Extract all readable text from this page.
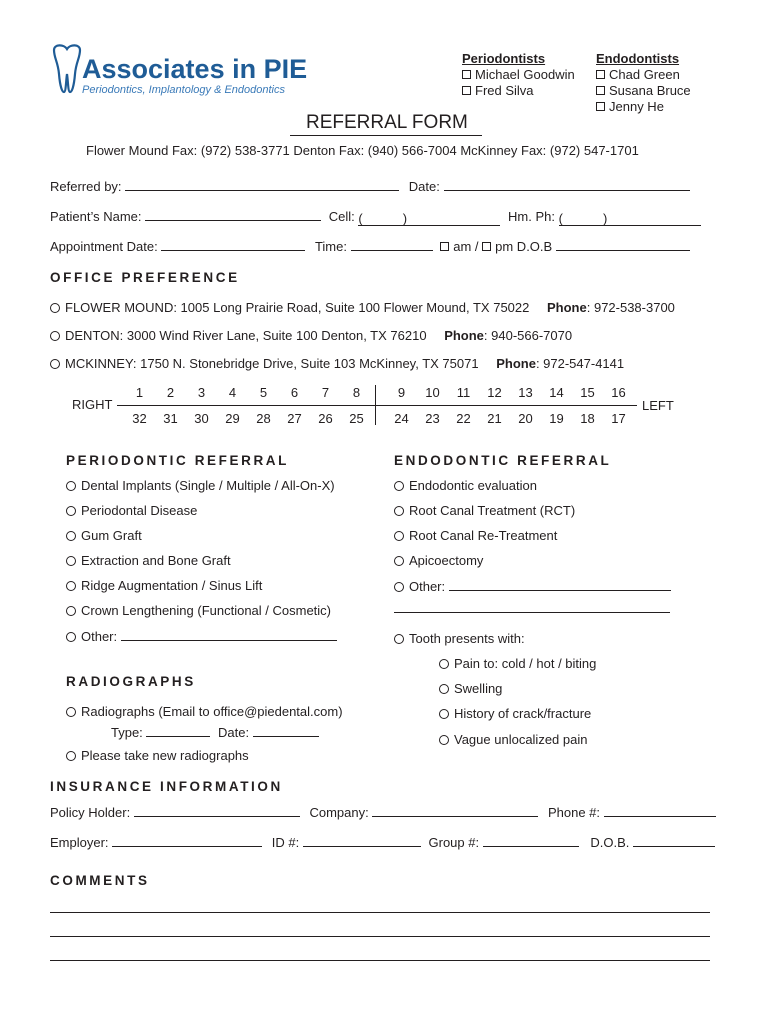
Associates in PIE
Periodontics, Implantology & Endodontics
Periodontists
Michael Goodwin
Fred Silva
Endodontists
Chad Green
Susana Bruce
Jenny He
REFERRAL FORM
Flower Mound Fax: (972) 538-3771 Denton Fax: (940) 566-7004 McKinney Fax: (972) 547-1701
Referred by:	Date:
Patient’s Name:	Cell: (	)	Hm. Ph: (	)
Appointment Date:	Time:	am / pm D.O.B
OFFICE PREFERENCE
FLOWER MOUND: 1005 Long Prairie Road, Suite 100 Flower Mound, TX 75022 Phone: 972-538-3700
DENTON: 3000 Wind River Lane, Suite 100 Denton, TX 76210 Phone: 940-566-7070
MCKINNEY: 1750 N. Stonebridge Drive, Suite 103 McKinney, TX 75071 Phone: 972-547-4141
RIGHT	LEFT
1 2 3 4 5 6 7 8	9 10 11 12 13 14 15 16
32 31 30 29 28 27 26 25	24 23 22 21 20 19 18 17
PERIODONTIC REFERRAL
Dental Implants (Single / Multiple / All-On-X)
Periodontal Disease
Gum Graft
Extraction and Bone Graft
Ridge Augmentation / Sinus Lift
Crown Lengthening (Functional / Cosmetic)
Other:
ENDODONTIC REFERRAL
Endodontic evaluation
Root Canal Treatment (RCT)
Root Canal Re-Treatment
Apicoectomy
Other:
Tooth presents with:
Pain to: cold / hot / biting
Swelling
History of crack/fracture
Vague unlocalized pain
RADIOGRAPHS
Radiographs (Email to office@piedental.com)
Type:	Date:
Please take new radiographs
INSURANCE INFORMATION
Policy Holder:	Company:	Phone #:
Employer:	ID #:	Group #:	D.O.B.
COMMENTS
